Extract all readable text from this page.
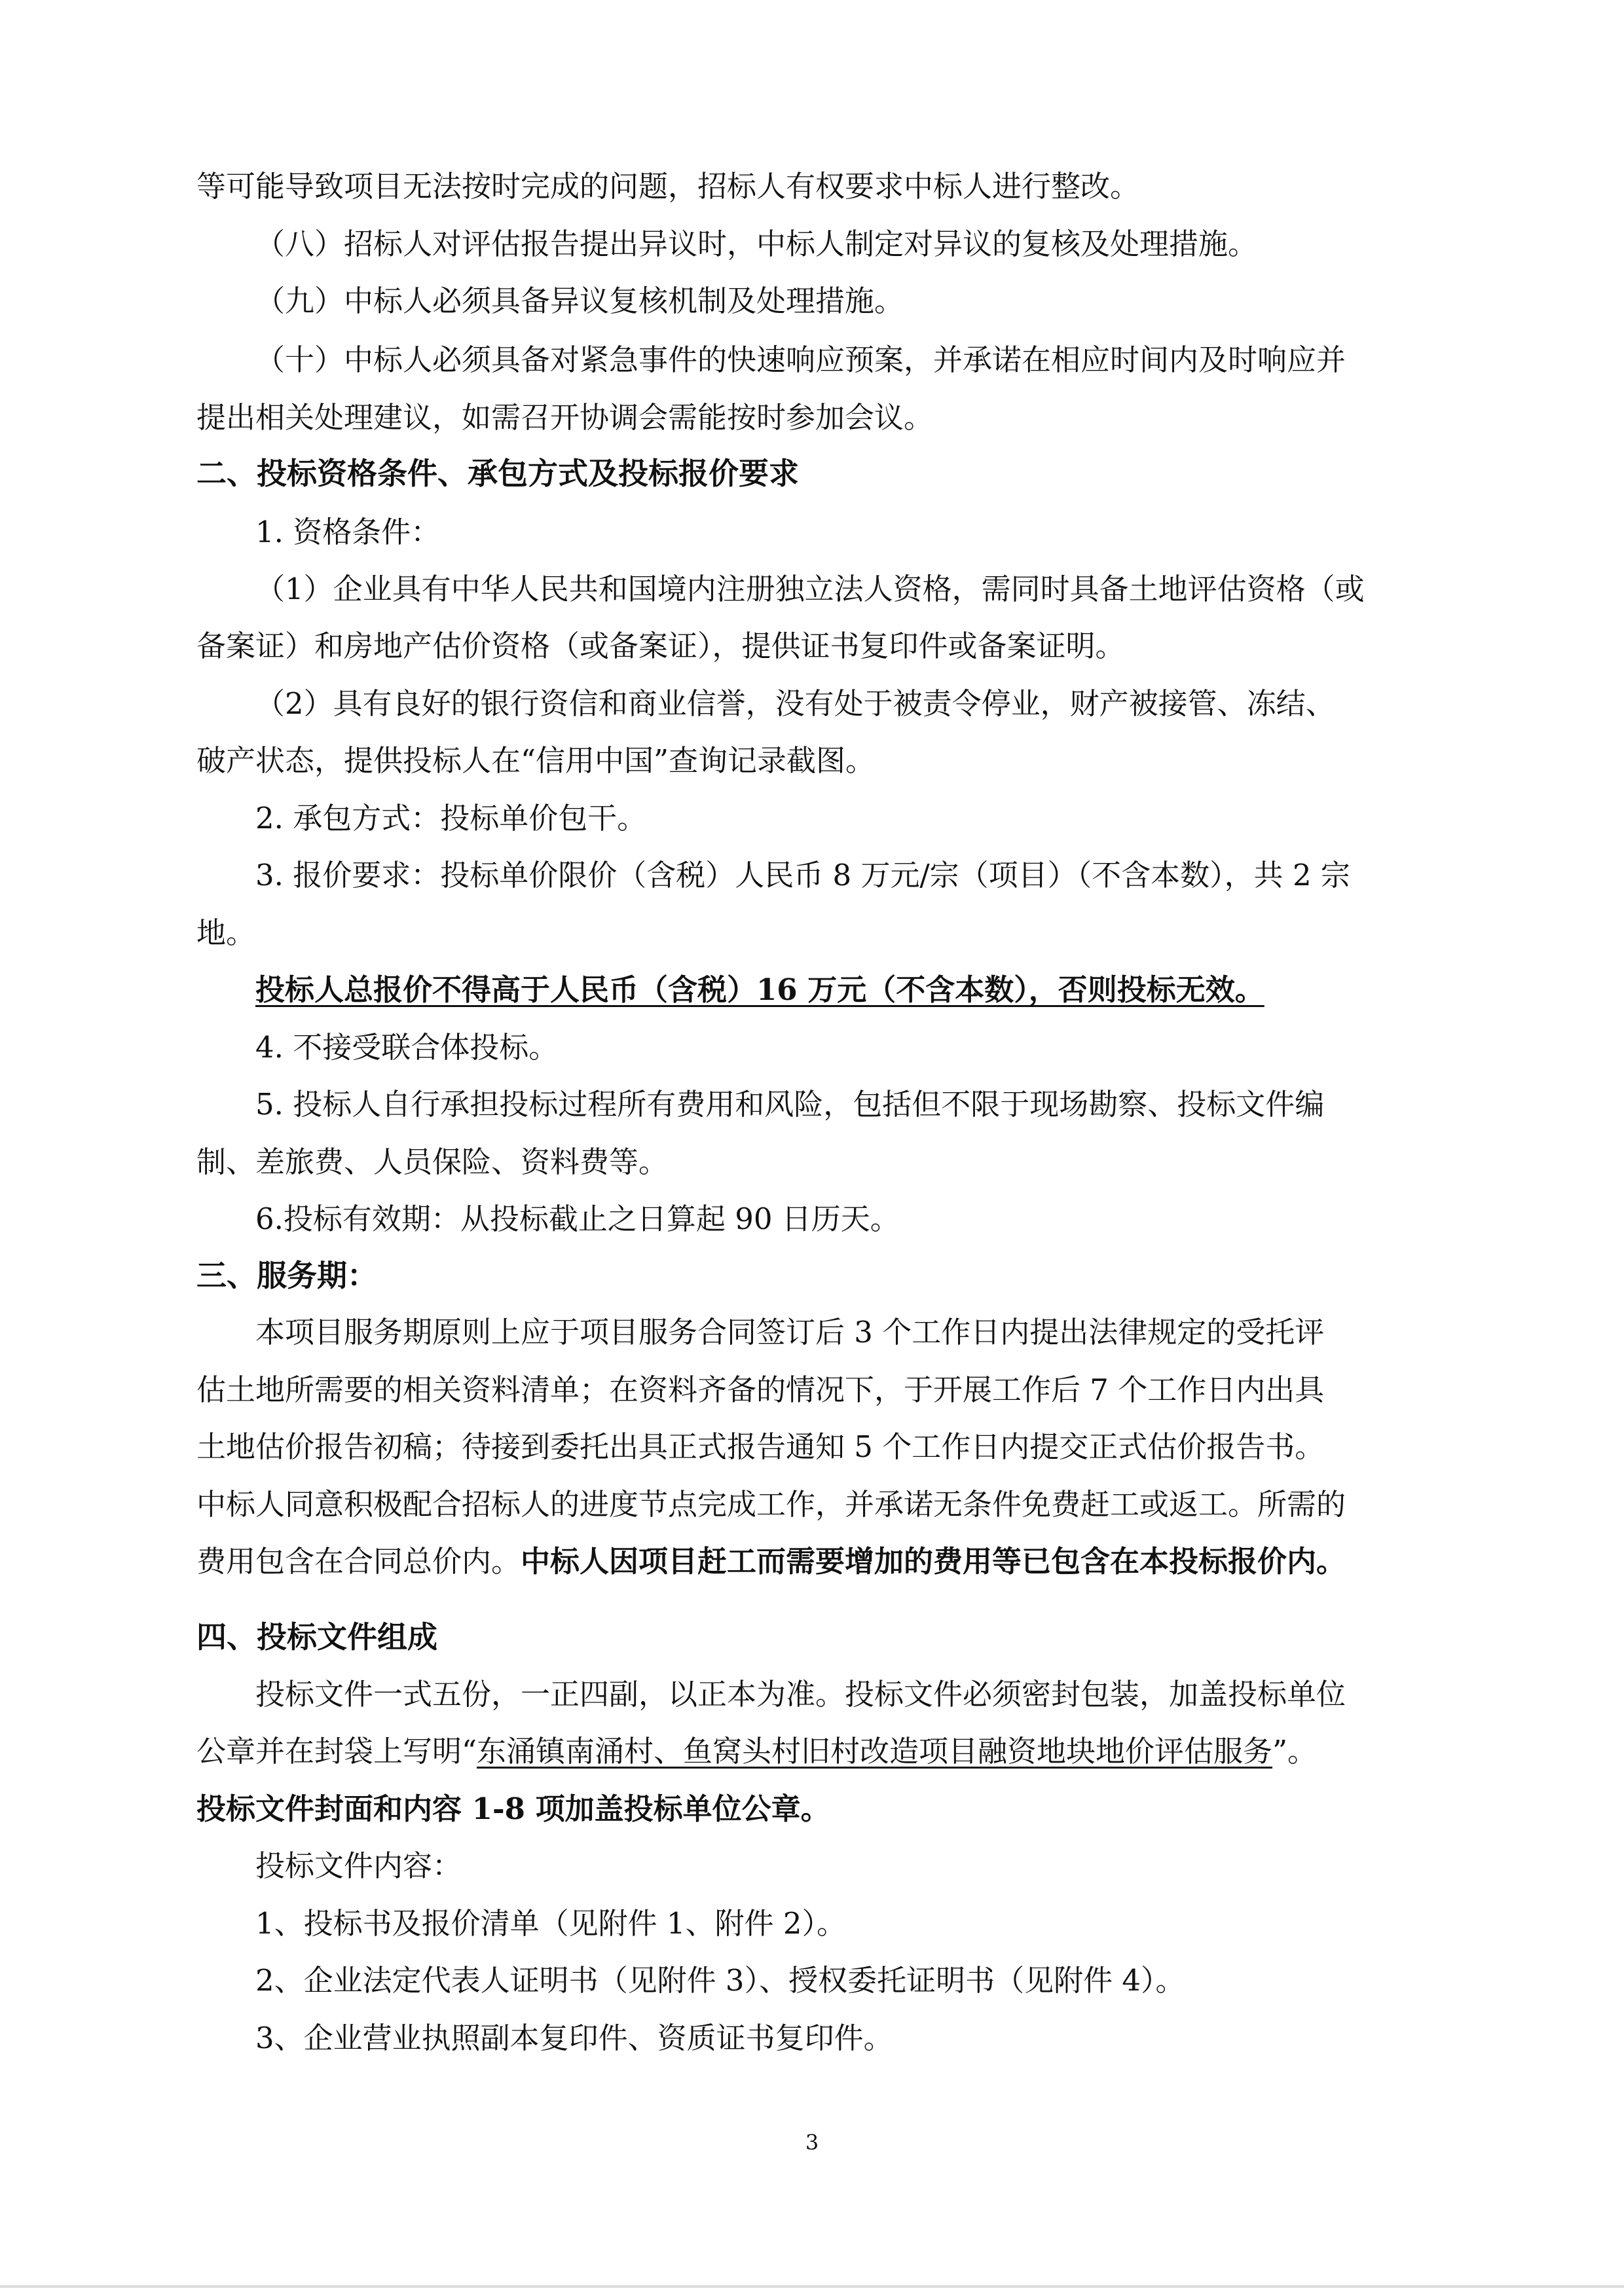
等可能导致项目无法按时完成的问题，招标人有权要求中标人进行整改。
（八）招标人对评估报告提出异议时，中标人制定对异议的复核及处理措施。
（九）中标人必须具备异议复核机制及处理措施。
（十）中标人必须具备对紧急事件的快速响应预案，并承诺在相应时间内及时响应并
提出相关处理建议，如需召开协调会需能按时参加会议。
二、投标资格条件、承包方式及投标报价要求
1. 资格条件：
（1）企业具有中华人民共和国境内注册独立法人资格，需同时具备土地评估资格（或
备案证）和房地产估价资格（或备案证），提供证书复印件或备案证明。
（2）具有良好的银行资信和商业信誉，没有处于被责令停业，财产被接管、冻结、
破产状态，提供投标人在“信用中国”查询记录截图。
2. 承包方式：投标单价包干。
3. 报价要求：投标单价限价（含税）人民币 8 万元/宗（项目）（不含本数），共 2 宗
地。
投标人总报价不得高于人民币（含税）16 万元（不含本数），否则投标无效。
4. 不接受联合体投标。
5. 投标人自行承担投标过程所有费用和风险，包括但不限于现场勘察、投标文件编
制、差旅费、人员保险、资料费等。
6.投标有效期：从投标截止之日算起 90 日历天。
三、服务期：
本项目服务期原则上应于项目服务合同签订后 3 个工作日内提出法律规定的受托评
估土地所需要的相关资料清单；在资料齐备的情况下，于开展工作后 7 个工作日内出具
土地估价报告初稿；待接到委托出具正式报告通知 5 个工作日内提交正式估价报告书。
中标人同意积极配合招标人的进度节点完成工作，并承诺无条件免费赶工或返工。所需的
费用包含在合同总价内。中标人因项目赶工而需要增加的费用等已包含在本投标报价内。
四、投标文件组成
投标文件一式五份，一正四副，以正本为准。投标文件必须密封包装，加盖投标单位
公章并在封袋上写明“东涌镇南涌村、鱼窝头村旧村改造项目融资地块地价评估服务”。
投标文件封面和内容 1-8 项加盖投标单位公章。
投标文件内容：
1、投标书及报价清单（见附件 1、附件 2）。
2、企业法定代表人证明书（见附件 3）、授权委托证明书（见附件 4）。
3、企业营业执照副本复印件、资质证书复印件。
3
